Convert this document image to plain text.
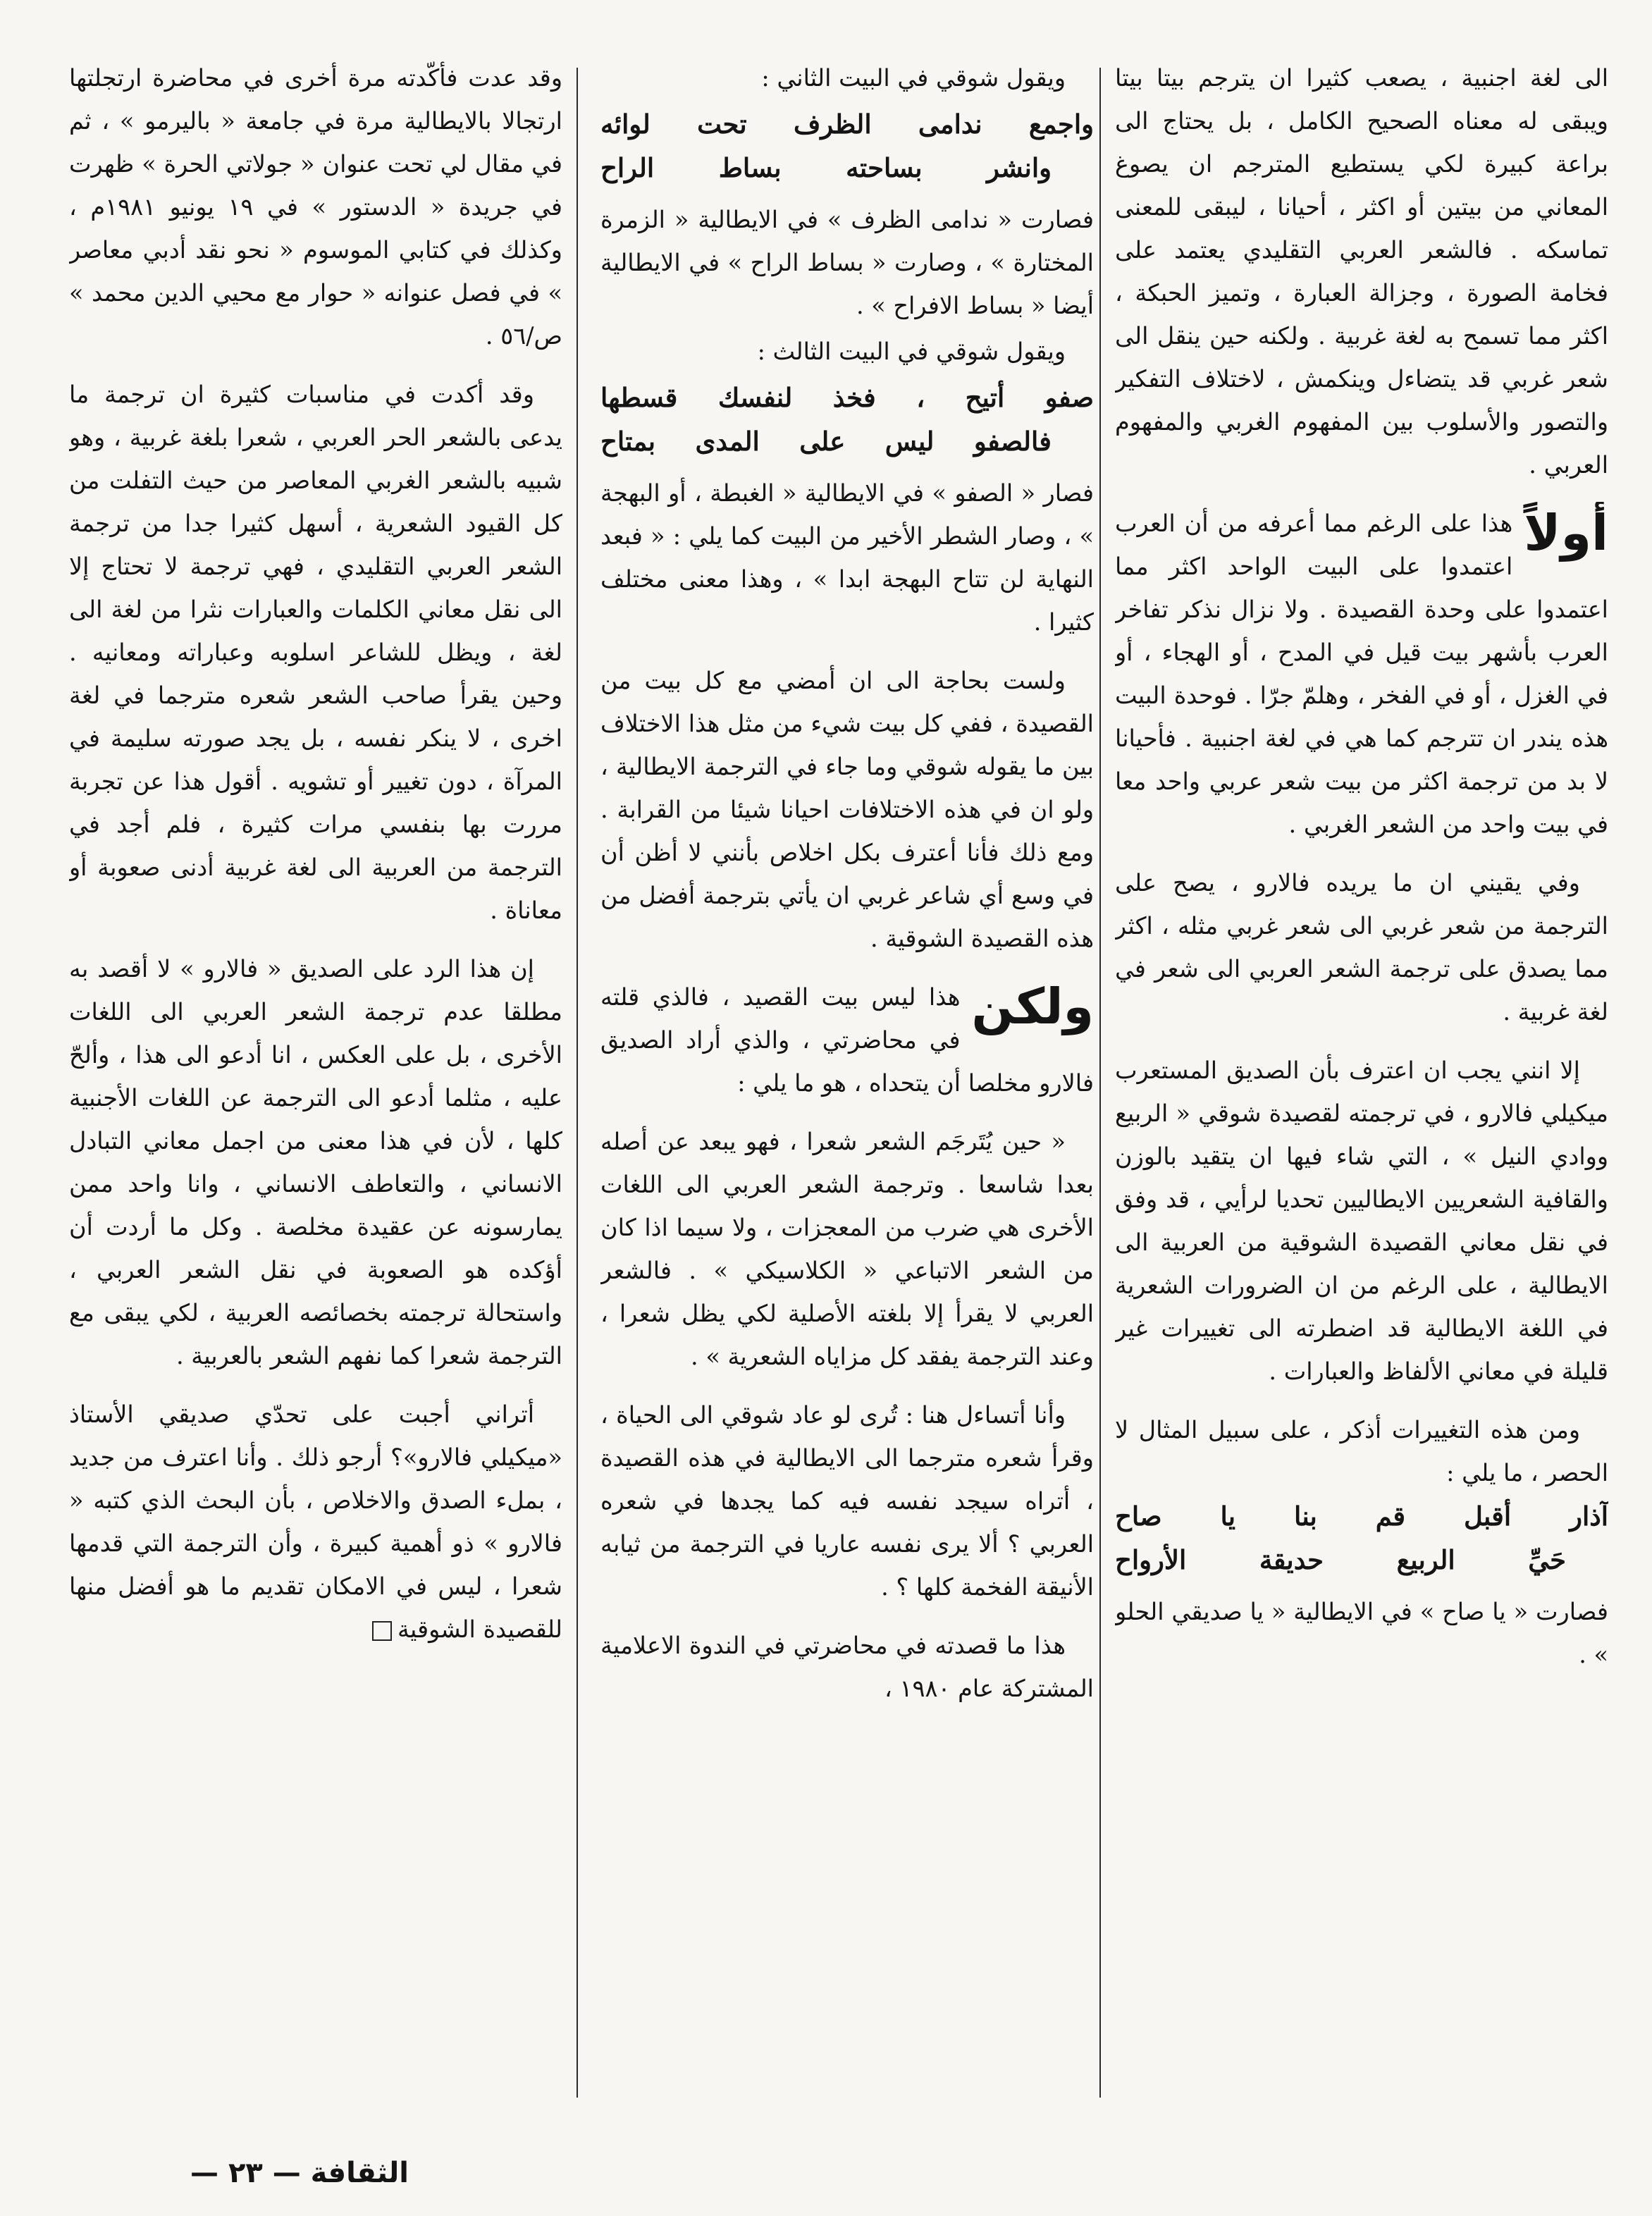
الى لغة اجنبية ، يصعب كثيرا ان يترجم بيتا بيتا ويبقى له معناه الصحيح الكامل ، بل يحتاج الى براعة كبيرة لكي يستطيع المترجم ان يصوغ المعاني من بيتين أو اكثر ، أحيانا ، ليبقى للمعنى تماسكه . فالشعر العربي التقليدي يعتمد على فخامة الصورة ، وجزالة العبارة ، وتميز الحبكة ، اكثر مما تسمح به لغة غربية . ولكنه حين ينقل الى شعر غربي قد يتضاءل وينكمش ، لاختلاف التفكير والتصور والأسلوب بين المفهوم الغربي والمفهوم العربي .

أولاً

هذا على الرغم مما أعرفه من أن العرب اعتمدوا على البيت الواحد اكثر مما اعتمدوا على وحدة القصيدة . ولا نزال نذكر تفاخر العرب بأشهر بيت قيل في المدح ، أو الهجاء ، أو في الغزل ، أو في الفخر ، وهلمّ جرّا . فوحدة البيت هذه يندر ان تترجم كما هي في لغة اجنبية . فأحيانا لا بد من ترجمة اكثر من بيت شعر عربي واحد معا في بيت واحد من الشعر الغربي .

وفي يقيني ان ما يريده فالارو ، يصح على الترجمة من شعر غربي الى شعر غربي مثله ، اكثر مما يصدق على ترجمة الشعر العربي الى شعر في لغة غربية .

إلا انني يجب ان اعترف بأن الصديق المستعرب ميكيلي فالارو ، في ترجمته لقصيدة شوقي « الربيع ووادي النيل » ، التي شاء فيها ان يتقيد بالوزن والقافية الشعريين الايطاليين تحديا لرأيي ، قد وفق في نقل معاني القصيدة الشوقية من العربية الى الايطالية ، على الرغم من ان الضرورات الشعرية في اللغة الايطالية قد اضطرته الى تغييرات غير قليلة في معاني الألفاظ والعبارات .

ومن هذه التغييرات أذكر ، على سبيل المثال لا الحصر ، ما يلي :

آذار أقبل قم بنا يا صاح

حَيِّ الربيع حديقة الأرواح

فصارت « يا صاح » في الايطالية « يا صديقي الحلو » .

ويقول شوقي في البيت الثاني :

واجمع ندامى الظرف تحت لوائه

وانشر بساحته بساط الراح

فصارت « ندامى الظرف » في الايطالية « الزمرة المختارة » ، وصارت « بساط الراح » في الايطالية أيضا « بساط الافراح » .

ويقول شوقي في البيت الثالث :

صفو أتيح ، فخذ لنفسك قسطها

فالصفو ليس على المدى بمتاح

فصار « الصفو » في الايطالية « الغبطة ، أو البهجة » ، وصار الشطر الأخير من البيت كما يلي : « فبعد النهاية لن تتاح البهجة ابدا » ، وهذا معنى مختلف كثيرا .

ولست بحاجة الى ان أمضي مع كل بيت من القصيدة ، ففي كل بيت شيء من مثل هذا الاختلاف بين ما يقوله شوقي وما جاء في الترجمة الايطالية ، ولو ان في هذه الاختلافات احيانا شيئا من القرابة . ومع ذلك فأنا أعترف بكل اخلاص بأنني لا أظن أن في وسع أي شاعر غربي ان يأتي بترجمة أفضل من هذه القصيدة الشوقية .

ولكن

هذا ليس بيت القصيد ، فالذي قلته في محاضرتي ، والذي أراد الصديق فالارو مخلصا أن يتحداه ، هو ما يلي :

« حين يُتَرجَم الشعر شعرا ، فهو يبعد عن أصله بعدا شاسعا . وترجمة الشعر العربي الى اللغات الأخرى هي ضرب من المعجزات ، ولا سيما اذا كان من الشعر الاتباعي « الكلاسيكي » . فالشعر العربي لا يقرأ إلا بلغته الأصلية لكي يظل شعرا ، وعند الترجمة يفقد كل مزاياه الشعرية » .

وأنا أتساءل هنا : تُرى لو عاد شوقي الى الحياة ، وقرأ شعره مترجما الى الايطالية في هذه القصيدة ، أتراه سيجد نفسه فيه كما يجدها في شعره العربي ؟ ألا يرى نفسه عاريا في الترجمة من ثيابه الأنيقة الفخمة كلها ؟ .

هذا ما قصدته في محاضرتي في الندوة الاعلامية المشتركة عام ١٩٨٠ ،

وقد عدت فأكّدته مرة أخرى في محاضرة ارتجلتها ارتجالا بالايطالية مرة في جامعة « باليرمو » ، ثم في مقال لي تحت عنوان « جولاتي الحرة » ظهرت في جريدة « الدستور » في ١٩ يونيو ١٩٨١م ، وكذلك في كتابي الموسوم « نحو نقد أدبي معاصر » في فصل عنوانه « حوار مع محيي الدين محمد » ص/٥٦ .

وقد أكدت في مناسبات كثيرة ان ترجمة ما يدعى بالشعر الحر العربي ، شعرا بلغة غربية ، وهو شبيه بالشعر الغربي المعاصر من حيث التفلت من كل القيود الشعرية ، أسهل كثيرا جدا من ترجمة الشعر العربي التقليدي ، فهي ترجمة لا تحتاج إلا الى نقل معاني الكلمات والعبارات نثرا من لغة الى لغة ، ويظل للشاعر اسلوبه وعباراته ومعانيه . وحين يقرأ صاحب الشعر شعره مترجما في لغة اخرى ، لا ينكر نفسه ، بل يجد صورته سليمة في المرآة ، دون تغيير أو تشويه . أقول هذا عن تجربة مررت بها بنفسي مرات كثيرة ، فلم أجد في الترجمة من العربية الى لغة غربية أدنى صعوبة أو معاناة .

إن هذا الرد على الصديق « فالارو » لا أقصد به مطلقا عدم ترجمة الشعر العربي الى اللغات الأخرى ، بل على العكس ، انا أدعو الى هذا ، وألحّ عليه ، مثلما أدعو الى الترجمة عن اللغات الأجنبية كلها ، لأن في هذا معنى من اجمل معاني التبادل الانساني ، والتعاطف الانساني ، وانا واحد ممن يمارسونه عن عقيدة مخلصة . وكل ما أردت أن أؤكده هو الصعوبة في نقل الشعر العربي ، واستحالة ترجمته بخصائصه العربية ، لكي يبقى مع الترجمة شعرا كما نفهم الشعر بالعربية .

أتراني أجبت على تحدّي صديقي الأستاذ «ميكيلي فالارو»؟ أرجو ذلك . وأنا اعترف من جديد ، بملء الصدق والاخلاص ، بأن البحث الذي كتبه « فالارو » ذو أهمية كبيرة ، وأن الترجمة التي قدمها شعرا ، ليس في الامكان تقديم ما هو أفضل منها للقصيدة الشوقية

الثقافة — ٢٣ —
